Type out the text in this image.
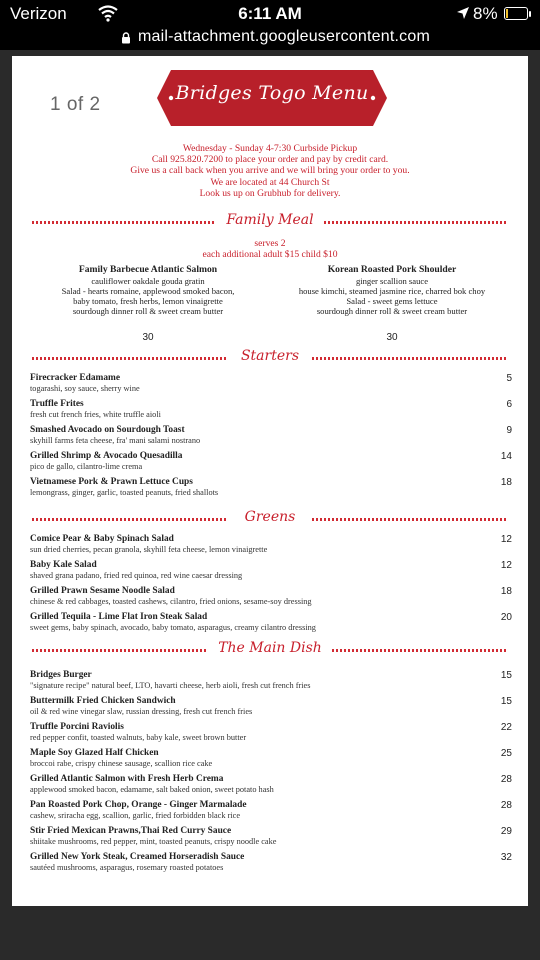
Verizon	6:11 AM	8%
mail-attachment.googleusercontent.com
1 of 2
Bridges Togo Menu
Wednesday - Sunday 4-7:30 Curbside Pickup
Call 925.820.7200 to place your order and pay by credit card.
Give us a call back when you arrive and we will bring your order to you.
We are located at 44 Church St
Look us up on Grubhub for delivery.
Family Meal
serves 2
each additional adult $15 child $10
Family Barbecue Atlantic Salmon
cauliflower oakdale gouda gratin
Salad - hearts romaine, applewood smoked bacon,
baby tomato, fresh herbs, lemon vinaigrette
sourdough dinner roll & sweet cream butter
30
Korean Roasted Pork Shoulder
ginger scallion sauce
house kimchi, steamed jasmine rice, charred bok choy
Salad - sweet gems lettuce
sourdough dinner roll & sweet cream butter
30
Starters
Firecracker Edamame
togarashi, soy sauce, sherry wine
5
Truffle Frites
fresh cut french fries, white truffle aioli
6
Smashed Avocado on Sourdough Toast
skyhill farms feta cheese, fra' mani salami nostrano
9
Grilled Shrimp & Avocado Quesadilla
pico de gallo, cilantro-lime crema
14
Vietnamese Pork & Prawn Lettuce Cups
lemongrass, ginger, garlic, toasted peanuts, fried shallots
18
Greens
Comice Pear & Baby Spinach Salad
sun dried cherries, pecan granola, skyhill feta cheese, lemon vinaigrette
12
Baby Kale Salad
shaved grana padano, fried red quinoa, red wine caesar dressing
12
Grilled Prawn Sesame Noodle Salad
chinese & red cabbages, toasted cashews, cilantro, fried onions, sesame-soy dressing
18
Grilled Tequila - Lime Flat Iron Steak Salad
sweet gems, baby spinach, avocado, baby tomato, asparagus, creamy cilantro dressing
20
The Main Dish
Bridges Burger
"signature recipe" natural beef, LTO, havarti cheese, herb aioli, fresh cut french fries
15
Buttermilk Fried Chicken Sandwich
oil & red wine vinegar slaw, russian dressing, fresh cut french fries
15
Truffle Porcini Raviolis
red pepper confit, toasted walnuts, baby kale, sweet brown butter
22
Maple Soy Glazed Half Chicken
broccoi rabe, crispy chinese sausage, scallion rice cake
25
Grilled Atlantic Salmon with Fresh Herb Crema
applewood smoked bacon, edamame, salt baked onion, sweet potato hash
28
Pan Roasted Pork Chop, Orange - Ginger Marmalade
cashew, sriracha egg, scallion, garlic, fried forbidden black rice
28
Stir Fried Mexican Prawns,Thai Red Curry Sauce
shiitake mushrooms, red pepper, mint, toasted peanuts, crispy noodle cake
29
Grilled New York Steak, Creamed Horseradish Sauce
sautéed mushrooms, asparagus, rosemary roasted potatoes
32
